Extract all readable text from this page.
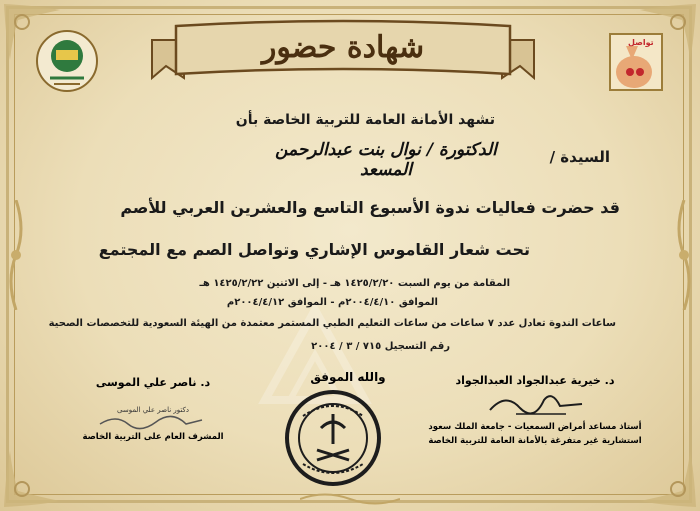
شهادة حضور	تواصل
تشهد الأمانة العامة للتربية الخاصة بأن
السيدة /
الدكتورة / نوال بنت عبدالرحمن المسعد
قد حضرت فعاليات ندوة الأسبوع التاسع والعشرين العربي للأصم
تحت شعار القاموس الإشاري وتواصل الصم مع المجتمع
المقامة من يوم السبت ١٤٢٥/٢/٢٠ هـ - إلى الاثنين ١٤٢٥/٢/٢٢ هـ
الموافق ٢٠٠٤/٤/١٠م - الموافق ٢٠٠٤/٤/١٢م
ساعات الندوة تعادل عدد ٧ ساعات من ساعات التعليم الطبي المستمر معتمدة من الهيئة السعودية للتخصصات الصحية
رقم التسجيل ٧١٥ / ٣ / ٢٠٠٤
والله الموفق	د. خيرية عبدالجواد العبدالجواد
أستاذ مساعد أمراض السمعيات - جامعة الملك سعود
استشارية غير متفرغة بالأمانة العامة للتربية الخاصة
د. ناصر علي الموسى
دكتور ناصر علي الموسى
المشرف العام على التربية الخاصة
